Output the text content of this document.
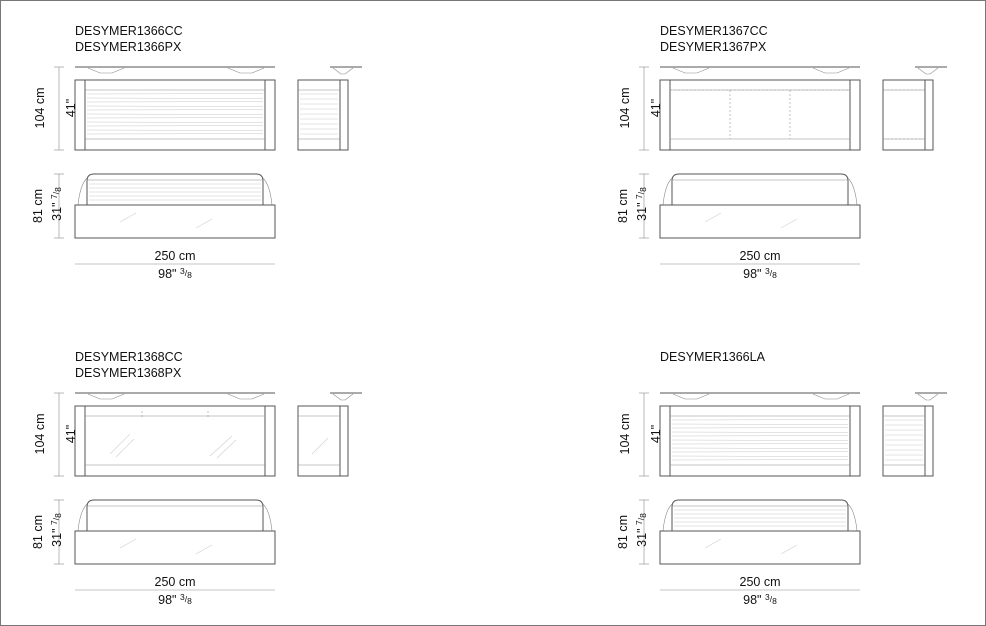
DESYMER1366CC
DESYMER1366PX
104 cm 41"
81 cm 31" $^7$/8
250 cm
98" $^3$/8
DESYMER1367CC
DESYMER1367PX
104 cm 41"
81 cm 31" $^7$/8
250 cm
98" $^3$/8
DESYMER1368CC
DESYMER1368PX
104 cm 41"
81 cm 31" $^7$/8
250 cm
98" $^3$/8
DESYMER1366LA
104 cm 41"
81 cm 31" $^7$/8
250 cm
98" $^3$/8
